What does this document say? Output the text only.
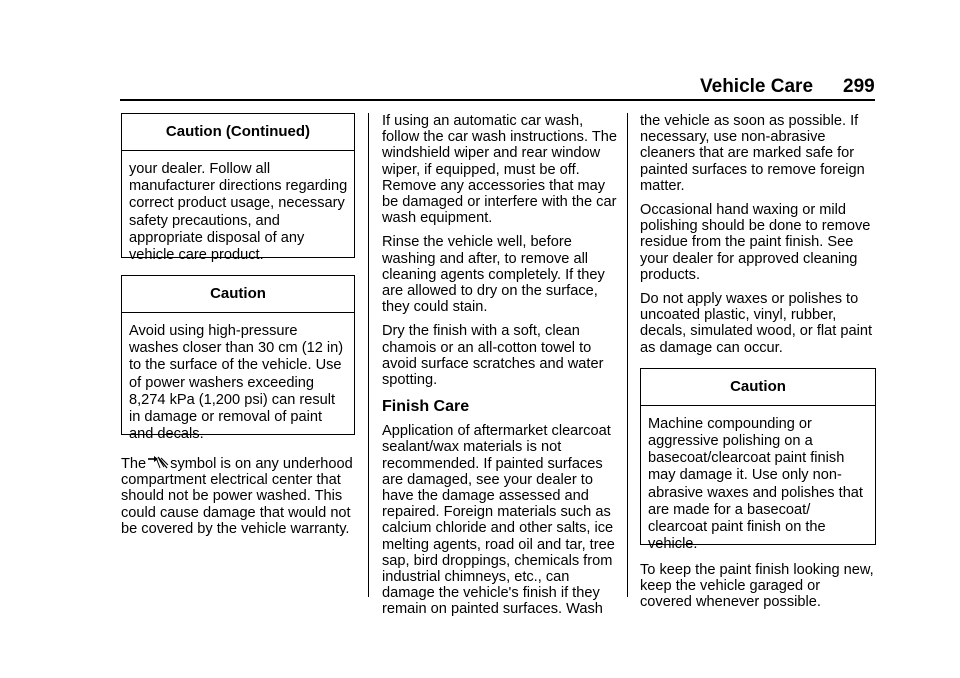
Vehicle Care 299
Caution (Continued)
your dealer. Follow all manufacturer directions regarding correct product usage, necessary safety precautions, and appropriate disposal of any vehicle care product.
Caution
Avoid using high-pressure washes closer than 30 cm (12 in) to the surface of the vehicle. Use of power washers exceeding 8,274 kPa (1,200 psi) can result in damage or removal of paint and decals.

The symbol is on any underhood compartment electrical center that should not be power washed. This could cause damage that would not be covered by the vehicle warranty.

If using an automatic car wash, follow the car wash instructions. The windshield wiper and rear window wiper, if equipped, must be off. Remove any accessories that may be damaged or interfere with the car wash equipment.

Rinse the vehicle well, before washing and after, to remove all cleaning agents completely. If they are allowed to dry on the surface, they could stain.

Dry the finish with a soft, clean chamois or an all-cotton towel to avoid surface scratches and water spotting.

Finish Care

Application of aftermarket clearcoat sealant/wax materials is not recommended. If painted surfaces are damaged, see your dealer to have the damage assessed and repaired. Foreign materials such as calcium chloride and other salts, ice melting agents, road oil and tar, tree sap, bird droppings, chemicals from industrial chimneys, etc., can damage the vehicle's finish if they remain on painted surfaces. Wash

the vehicle as soon as possible. If necessary, use non-abrasive cleaners that are marked safe for painted surfaces to remove foreign matter.

Occasional hand waxing or mild polishing should be done to remove residue from the paint finish. See your dealer for approved cleaning products.

Do not apply waxes or polishes to uncoated plastic, vinyl, rubber, decals, simulated wood, or flat paint as damage can occur.

Caution
Machine compounding or aggressive polishing on a basecoat/clearcoat paint finish may damage it. Use only non-abrasive waxes and polishes that are made for a basecoat/ clearcoat paint finish on the vehicle.

To keep the paint finish looking new, keep the vehicle garaged or covered whenever possible.
